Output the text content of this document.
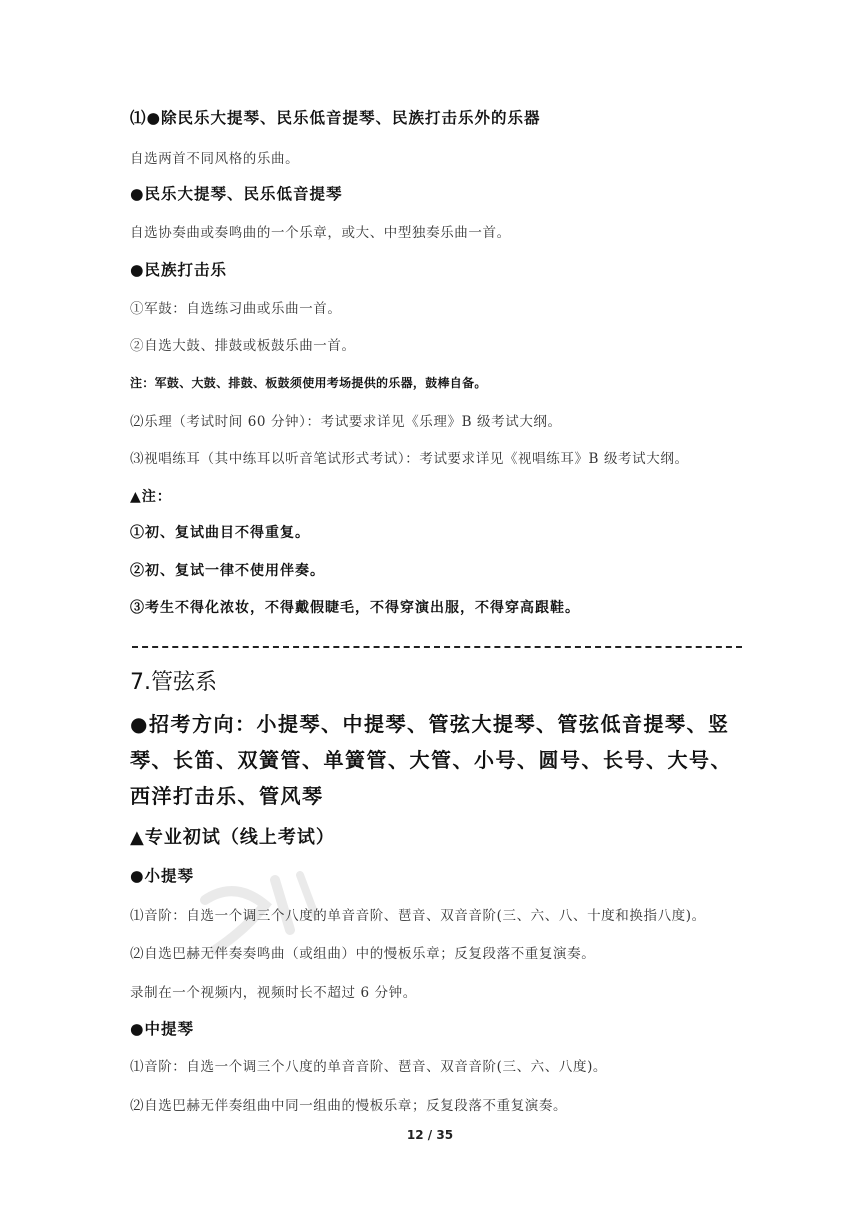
⑴●除民乐大提琴、民乐低音提琴、民族打击乐外的乐器
自选两首不同风格的乐曲。
●民乐大提琴、民乐低音提琴
自选协奏曲或奏鸣曲的一个乐章，或大、中型独奏乐曲一首。
●民族打击乐
①军鼓：自选练习曲或乐曲一首。
②自选大鼓、排鼓或板鼓乐曲一首。
注：军鼓、大鼓、排鼓、板鼓须使用考场提供的乐器，鼓棒自备。
⑵乐理（考试时间 60 分钟）：考试要求详见《乐理》B 级考试大纲。
⑶视唱练耳（其中练耳以听音笔试形式考试）：考试要求详见《视唱练耳》B 级考试大纲。
▲注：
①初、复试曲目不得重复。
②初、复试一律不使用伴奏。
③考生不得化浓妆，不得戴假睫毛，不得穿演出服，不得穿高跟鞋。
7.管弦系
●招考方向：小提琴、中提琴、管弦大提琴、管弦低音提琴、竖琴、长笛、双簧管、单簧管、大管、小号、圆号、长号、大号、西洋打击乐、管风琴
▲专业初试（线上考试）
●小提琴
⑴音阶：自选一个调三个八度的单音音阶、琶音、双音音阶(三、六、八、十度和换指八度)。
⑵自选巴赫无伴奏奏鸣曲（或组曲）中的慢板乐章；反复段落不重复演奏。
录制在一个视频内，视频时长不超过 6 分钟。
●中提琴
⑴音阶：自选一个调三个八度的单音音阶、琶音、双音音阶(三、六、八度)。
⑵自选巴赫无伴奏组曲中同一组曲的慢板乐章；反复段落不重复演奏。
12 / 35
